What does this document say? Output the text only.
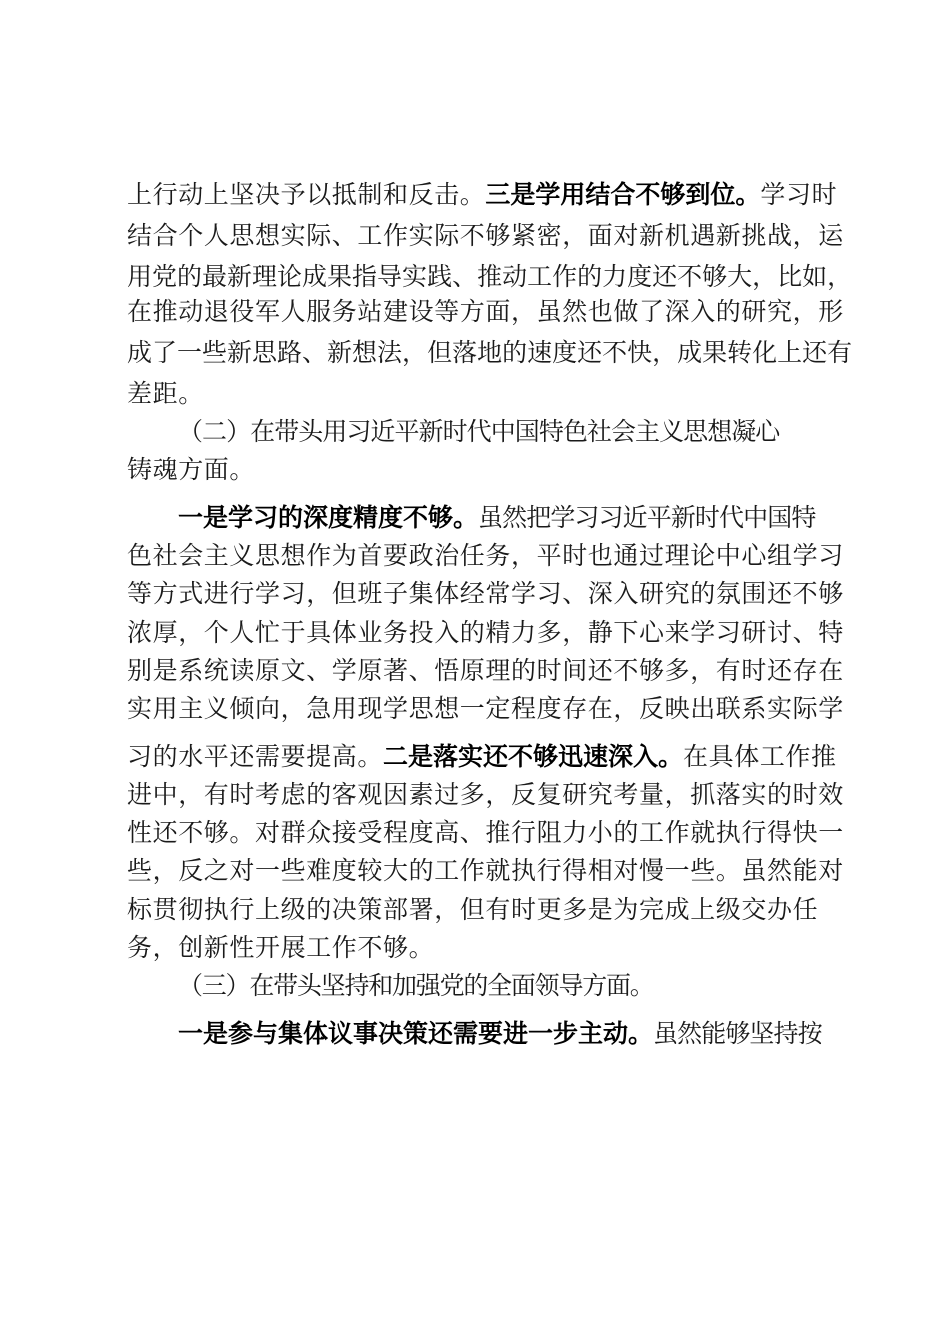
上行动上坚决予以抵制和反击。三是学用结合不够到位。学习时
结合个人思想实际、工作实际不够紧密，面对新机遇新挑战，运
用党的最新理论成果指导实践、推动工作的力度还不够大，比如，
在推动退役军人服务站建设等方面，虽然也做了深入的研究，形
成了一些新思路、新想法，但落地的速度还不快，成果转化上还有
差距。
（二）在带头用习近平新时代中国特色社会主义思想凝心
铸魂方面。
一是学习的深度精度不够。虽然把学习习近平新时代中国特
色社会主义思想作为首要政治任务，平时也通过理论中心组学习
等方式进行学习，但班子集体经常学习、深入研究的氛围还不够
浓厚，个人忙于具体业务投入的精力多，静下心来学习研讨、特
别是系统读原文、学原著、悟原理的时间还不够多，有时还存在
实用主义倾向，急用现学思想一定程度存在，反映出联系实际学
习的水平还需要提高。二是落实还不够迅速深入。在具体工作推
进中，有时考虑的客观因素过多，反复研究考量，抓落实的时效
性还不够。对群众接受程度高、推行阻力小的工作就执行得快一
些，反之对一些难度较大的工作就执行得相对慢一些。虽然能对
标贯彻执行上级的决策部署，但有时更多是为完成上级交办任
务，创新性开展工作不够。
（三）在带头坚持和加强党的全面领导方面。
一是参与集体议事决策还需要进一步主动。虽然能够坚持按
